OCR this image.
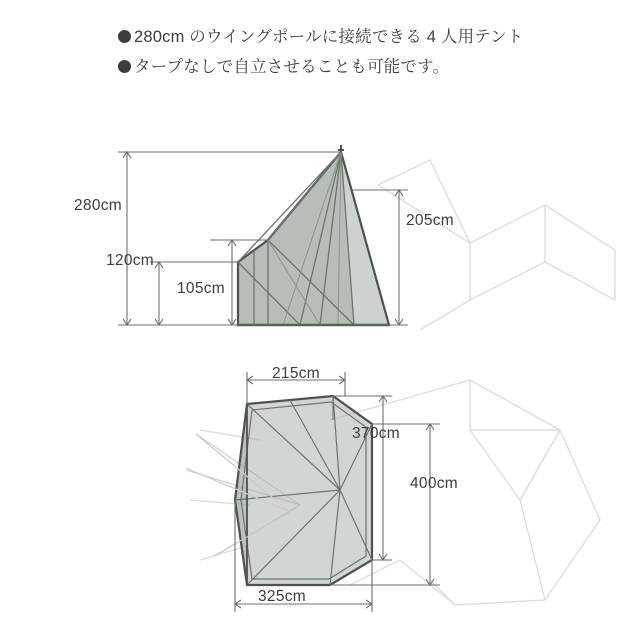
280cm のウイングポールに接続できる 4 人用テント
タープなしで自立させることも可能です。
280cm
120cm
105cm
205cm
215cm
370cm
400cm
325cm
